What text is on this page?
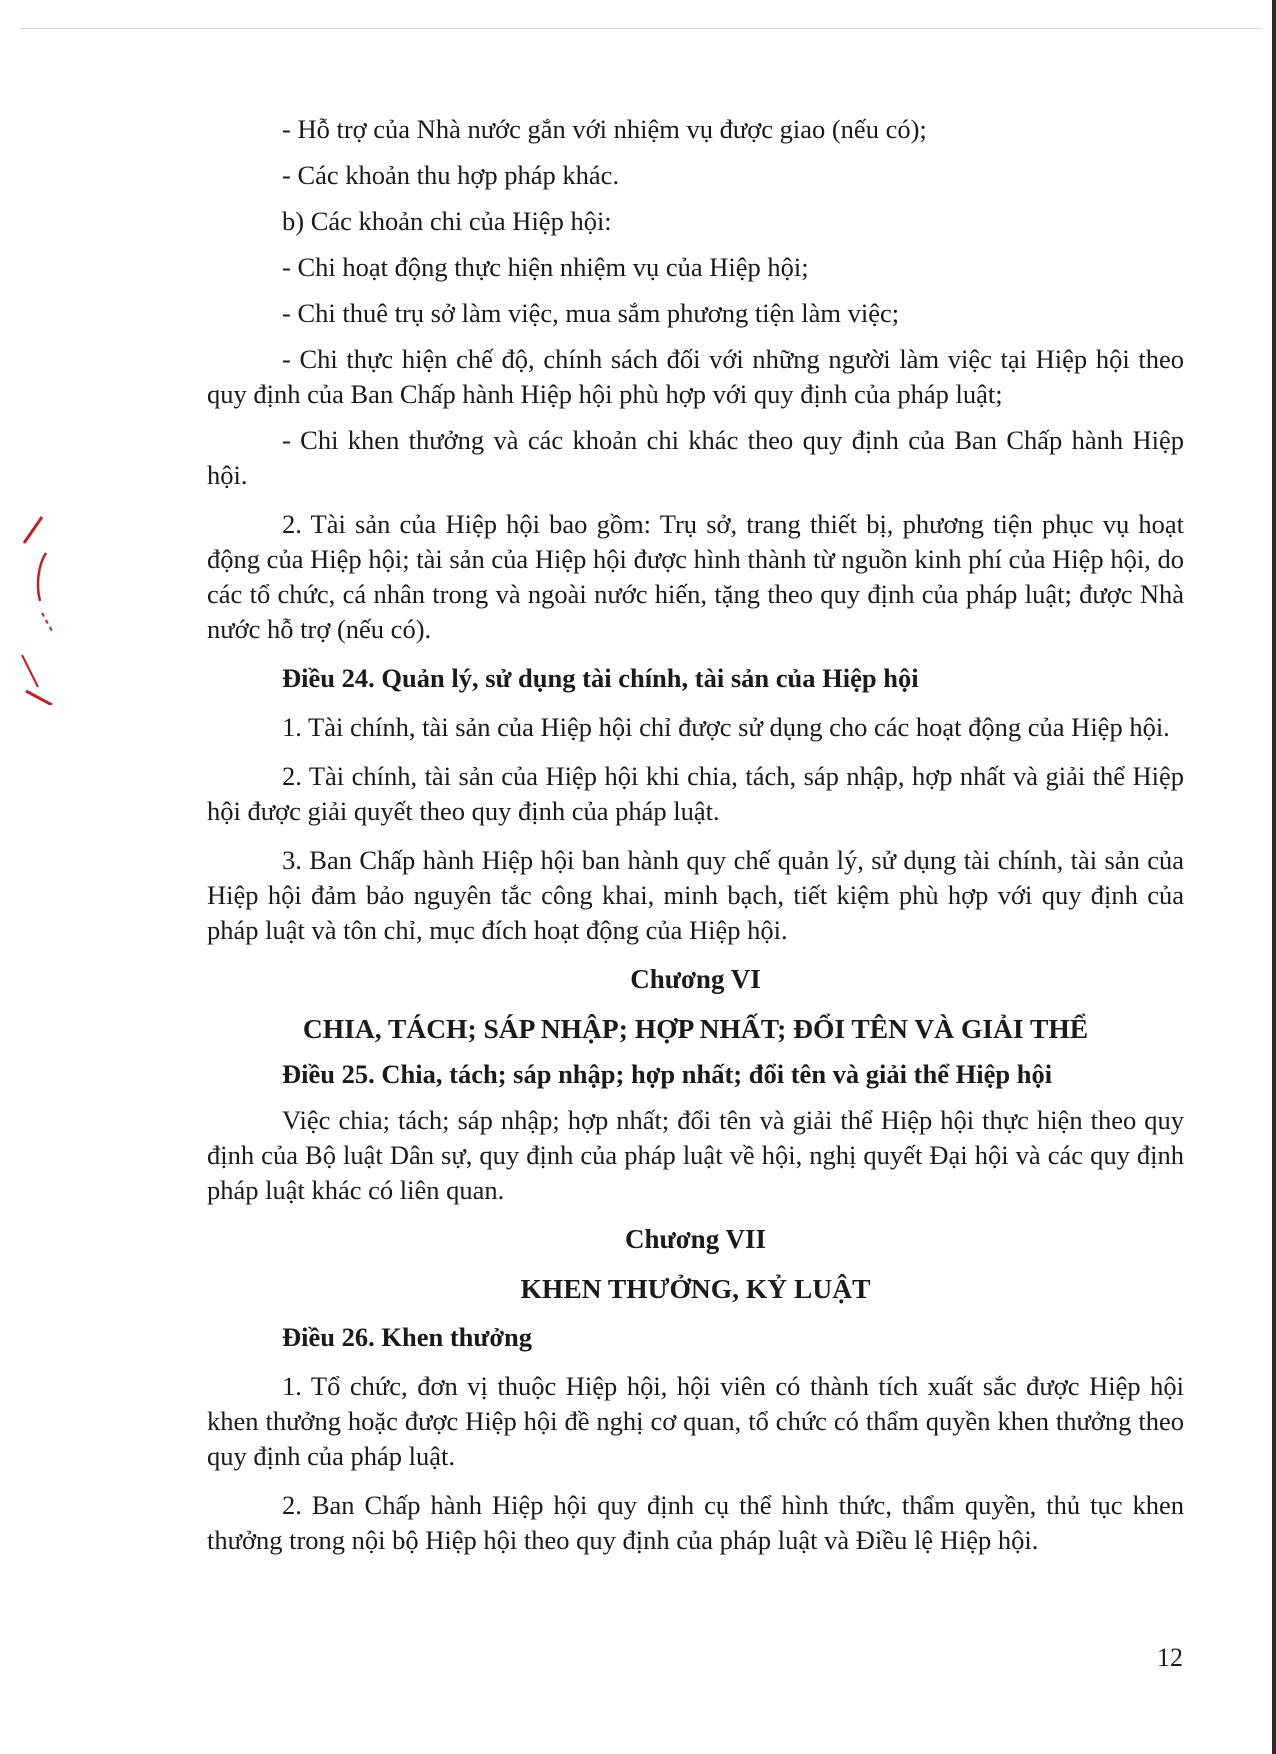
- Hỗ trợ của Nhà nước gắn với nhiệm vụ được giao (nếu có);

- Các khoản thu hợp pháp khác.

b) Các khoản chi của Hiệp hội:

- Chi hoạt động thực hiện nhiệm vụ của Hiệp hội;

- Chi thuê trụ sở làm việc, mua sắm phương tiện làm việc;

- Chi thực hiện chế độ, chính sách đối với những người làm việc tại Hiệp hội theo quy định của Ban Chấp hành Hiệp hội phù hợp với quy định của pháp luật;

- Chi khen thưởng và các khoản chi khác theo quy định của Ban Chấp hành Hiệp hội.

2. Tài sản của Hiệp hội bao gồm: Trụ sở, trang thiết bị, phương tiện phục vụ hoạt động của Hiệp hội; tài sản của Hiệp hội được hình thành từ nguồn kinh phí của Hiệp hội, do các tổ chức, cá nhân trong và ngoài nước hiến, tặng theo quy định của pháp luật; được Nhà nước hỗ trợ (nếu có).

Điều 24. Quản lý, sử dụng tài chính, tài sản của Hiệp hội

1. Tài chính, tài sản của Hiệp hội chỉ được sử dụng cho các hoạt động của Hiệp hội.

2. Tài chính, tài sản của Hiệp hội khi chia, tách, sáp nhập, hợp nhất và giải thể Hiệp hội được giải quyết theo quy định của pháp luật.

3. Ban Chấp hành Hiệp hội ban hành quy chế quản lý, sử dụng tài chính, tài sản của Hiệp hội đảm bảo nguyên tắc công khai, minh bạch, tiết kiệm phù hợp với quy định của pháp luật và tôn chỉ, mục đích hoạt động của Hiệp hội.

Chương VI

CHIA, TÁCH; SÁP NHẬP; HỢP NHẤT; ĐỔI TÊN VÀ GIẢI THỂ

Điều 25. Chia, tách; sáp nhập; hợp nhất; đổi tên và giải thể Hiệp hội

Việc chia; tách; sáp nhập; hợp nhất; đổi tên và giải thể Hiệp hội thực hiện theo quy định của Bộ luật Dân sự, quy định của pháp luật về hội, nghị quyết Đại hội và các quy định pháp luật khác có liên quan.

Chương VII

KHEN THƯỞNG, KỶ LUẬT

Điều 26. Khen thưởng

1. Tổ chức, đơn vị thuộc Hiệp hội, hội viên có thành tích xuất sắc được Hiệp hội khen thưởng hoặc được Hiệp hội đề nghị cơ quan, tổ chức có thẩm quyền khen thưởng theo quy định của pháp luật.

2. Ban Chấp hành Hiệp hội quy định cụ thể hình thức, thẩm quyền, thủ tục khen thưởng trong nội bộ Hiệp hội theo quy định của pháp luật và Điều lệ Hiệp hội.

12
